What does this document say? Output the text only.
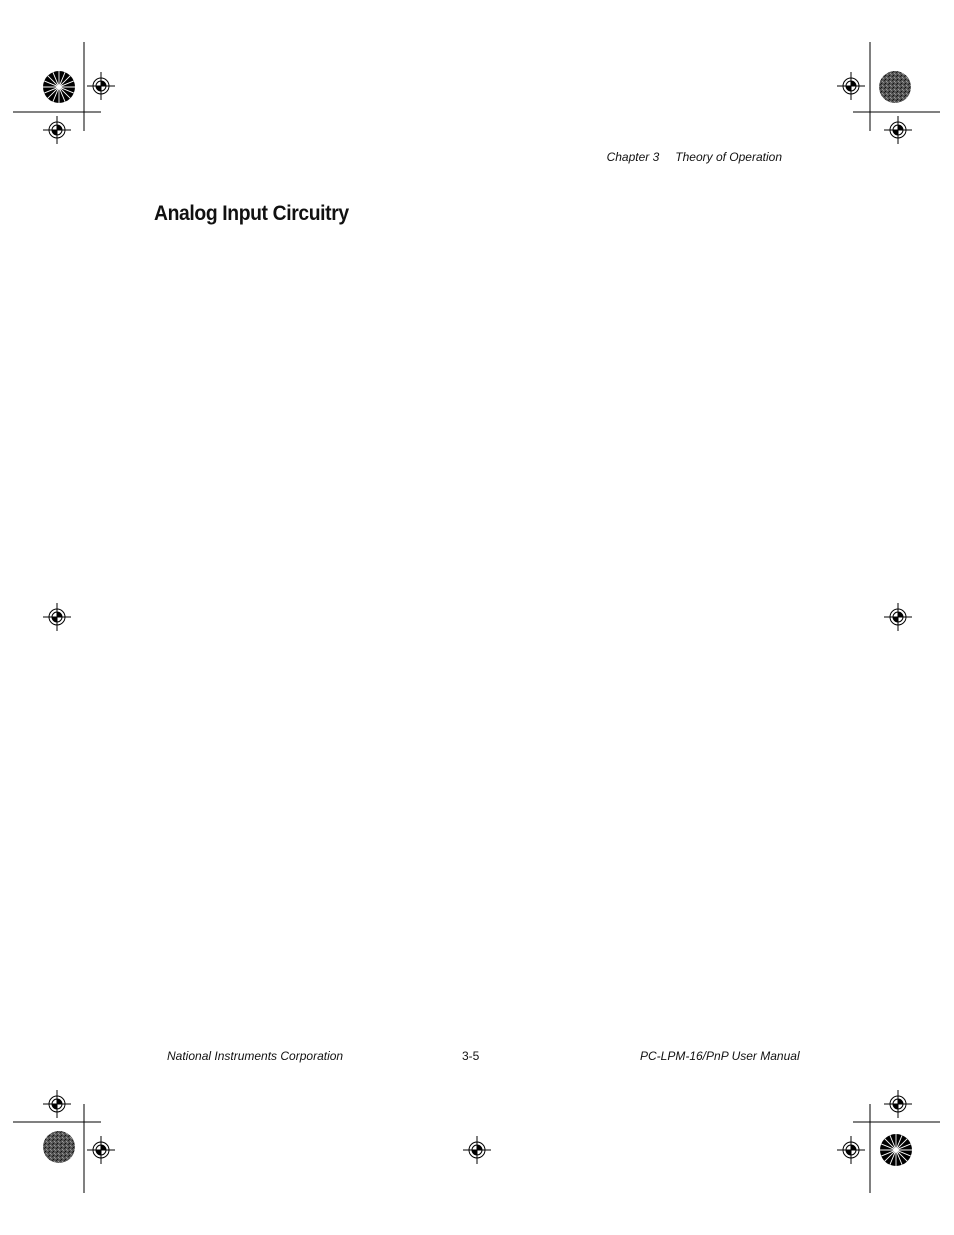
Chapter 3 Theory of Operation
Analog Input Circuitry
National Instruments Corporation	3-5	PC-LPM-16/PnP User Manual
